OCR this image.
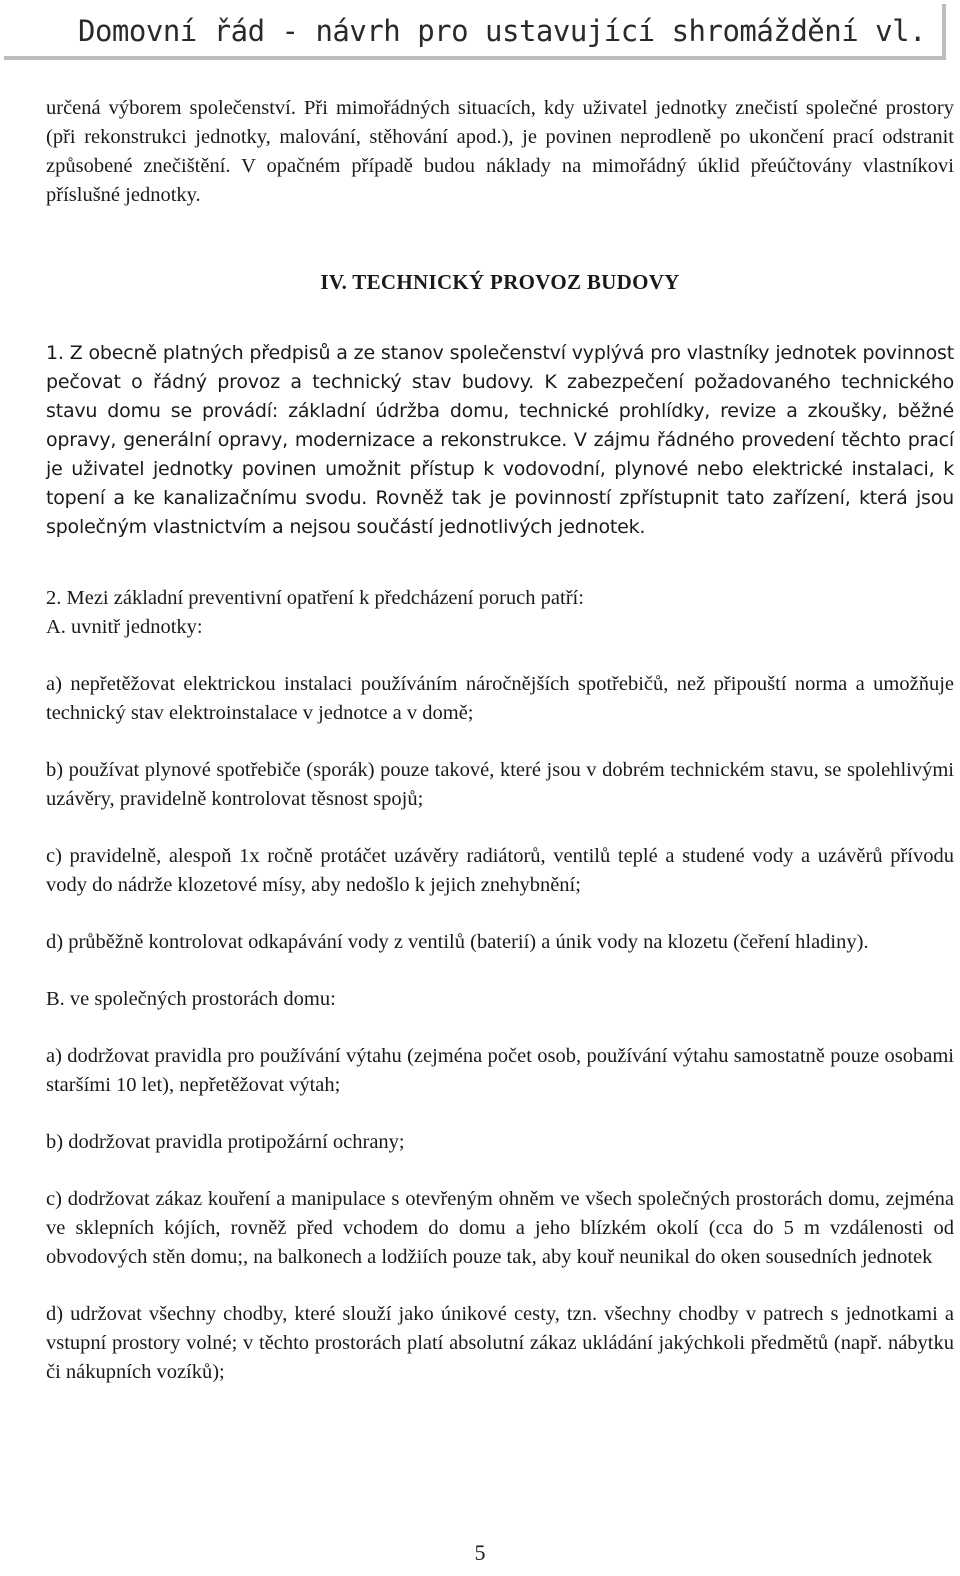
Domovní řád - návrh pro ustavující shromáždění vl.

určená výborem společenství. Při mimořádných situacích, kdy uživatel jednotky znečistí společné prostory (při rekonstrukci jednotky, malování, stěhování apod.), je povinen neprodleně po ukončení prací odstranit způsobené znečištění. V opačném případě budou náklady na mimořádný úklid přeúčtovány vlastníkovi příslušné jednotky.

IV. TECHNICKÝ PROVOZ BUDOVY

1. Z obecně platných předpisů a ze stanov společenství vyplývá pro vlastníky jednotek povinnost pečovat o řádný provoz a technický stav budovy. K zabezpečení požadovaného technického stavu domu se provádí: základní údržba domu, technické prohlídky, revize a zkoušky, běžné opravy, generální opravy, modernizace a rekonstrukce. V zájmu řádného provedení těchto prací je uživatel jednotky povinen umožnit přístup k vodovodní, plynové nebo elektrické instalaci, k topení a ke kanalizačnímu svodu. Rovněž tak je povinností zpřístupnit tato zařízení, která jsou společným vlastnictvím a nejsou součástí jednotlivých jednotek.

2. Mezi základní preventivní opatření k předcházení poruch patří:

A. uvnitř jednotky:

a) nepřetěžovat elektrickou instalaci používáním náročnějších spotřebičů, než připouští norma a umožňuje technický stav elektroinstalace v jednotce a v domě;

b) používat plynové spotřebiče (sporák) pouze takové, které jsou v dobrém technickém stavu, se spolehlivými uzávěry, pravidelně kontrolovat těsnost spojů;

c) pravidelně, alespoň 1x ročně protáčet uzávěry radiátorů, ventilů teplé a studené vody a uzávěrů přívodu vody do nádrže klozetové mísy, aby nedošlo k jejich znehybnění;

d) průběžně kontrolovat odkapávání vody z ventilů (baterií) a únik vody na klozetu (čeření hladiny).

B. ve společných prostorách domu:

a) dodržovat pravidla pro používání výtahu (zejména počet osob, používání výtahu samostatně pouze osobami staršími 10 let), nepřetěžovat výtah;

b) dodržovat pravidla protipožární ochrany;

c) dodržovat zákaz kouření a manipulace s otevřeným ohněm ve všech společných prostorách domu, zejména ve sklepních kójích, rovněž před vchodem do domu a jeho blízkém okolí (cca do 5 m vzdálenosti od obvodových stěn domu;, na balkonech a lodžiích pouze tak, aby kouř neunikal do oken sousedních jednotek

d) udržovat všechny chodby, které slouží jako únikové cesty, tzn. všechny chodby v patrech s jednotkami a vstupní prostory volné; v těchto prostorách platí absolutní zákaz ukládání jakýchkoli předmětů (např. nábytku či nákupních vozíků);

5
